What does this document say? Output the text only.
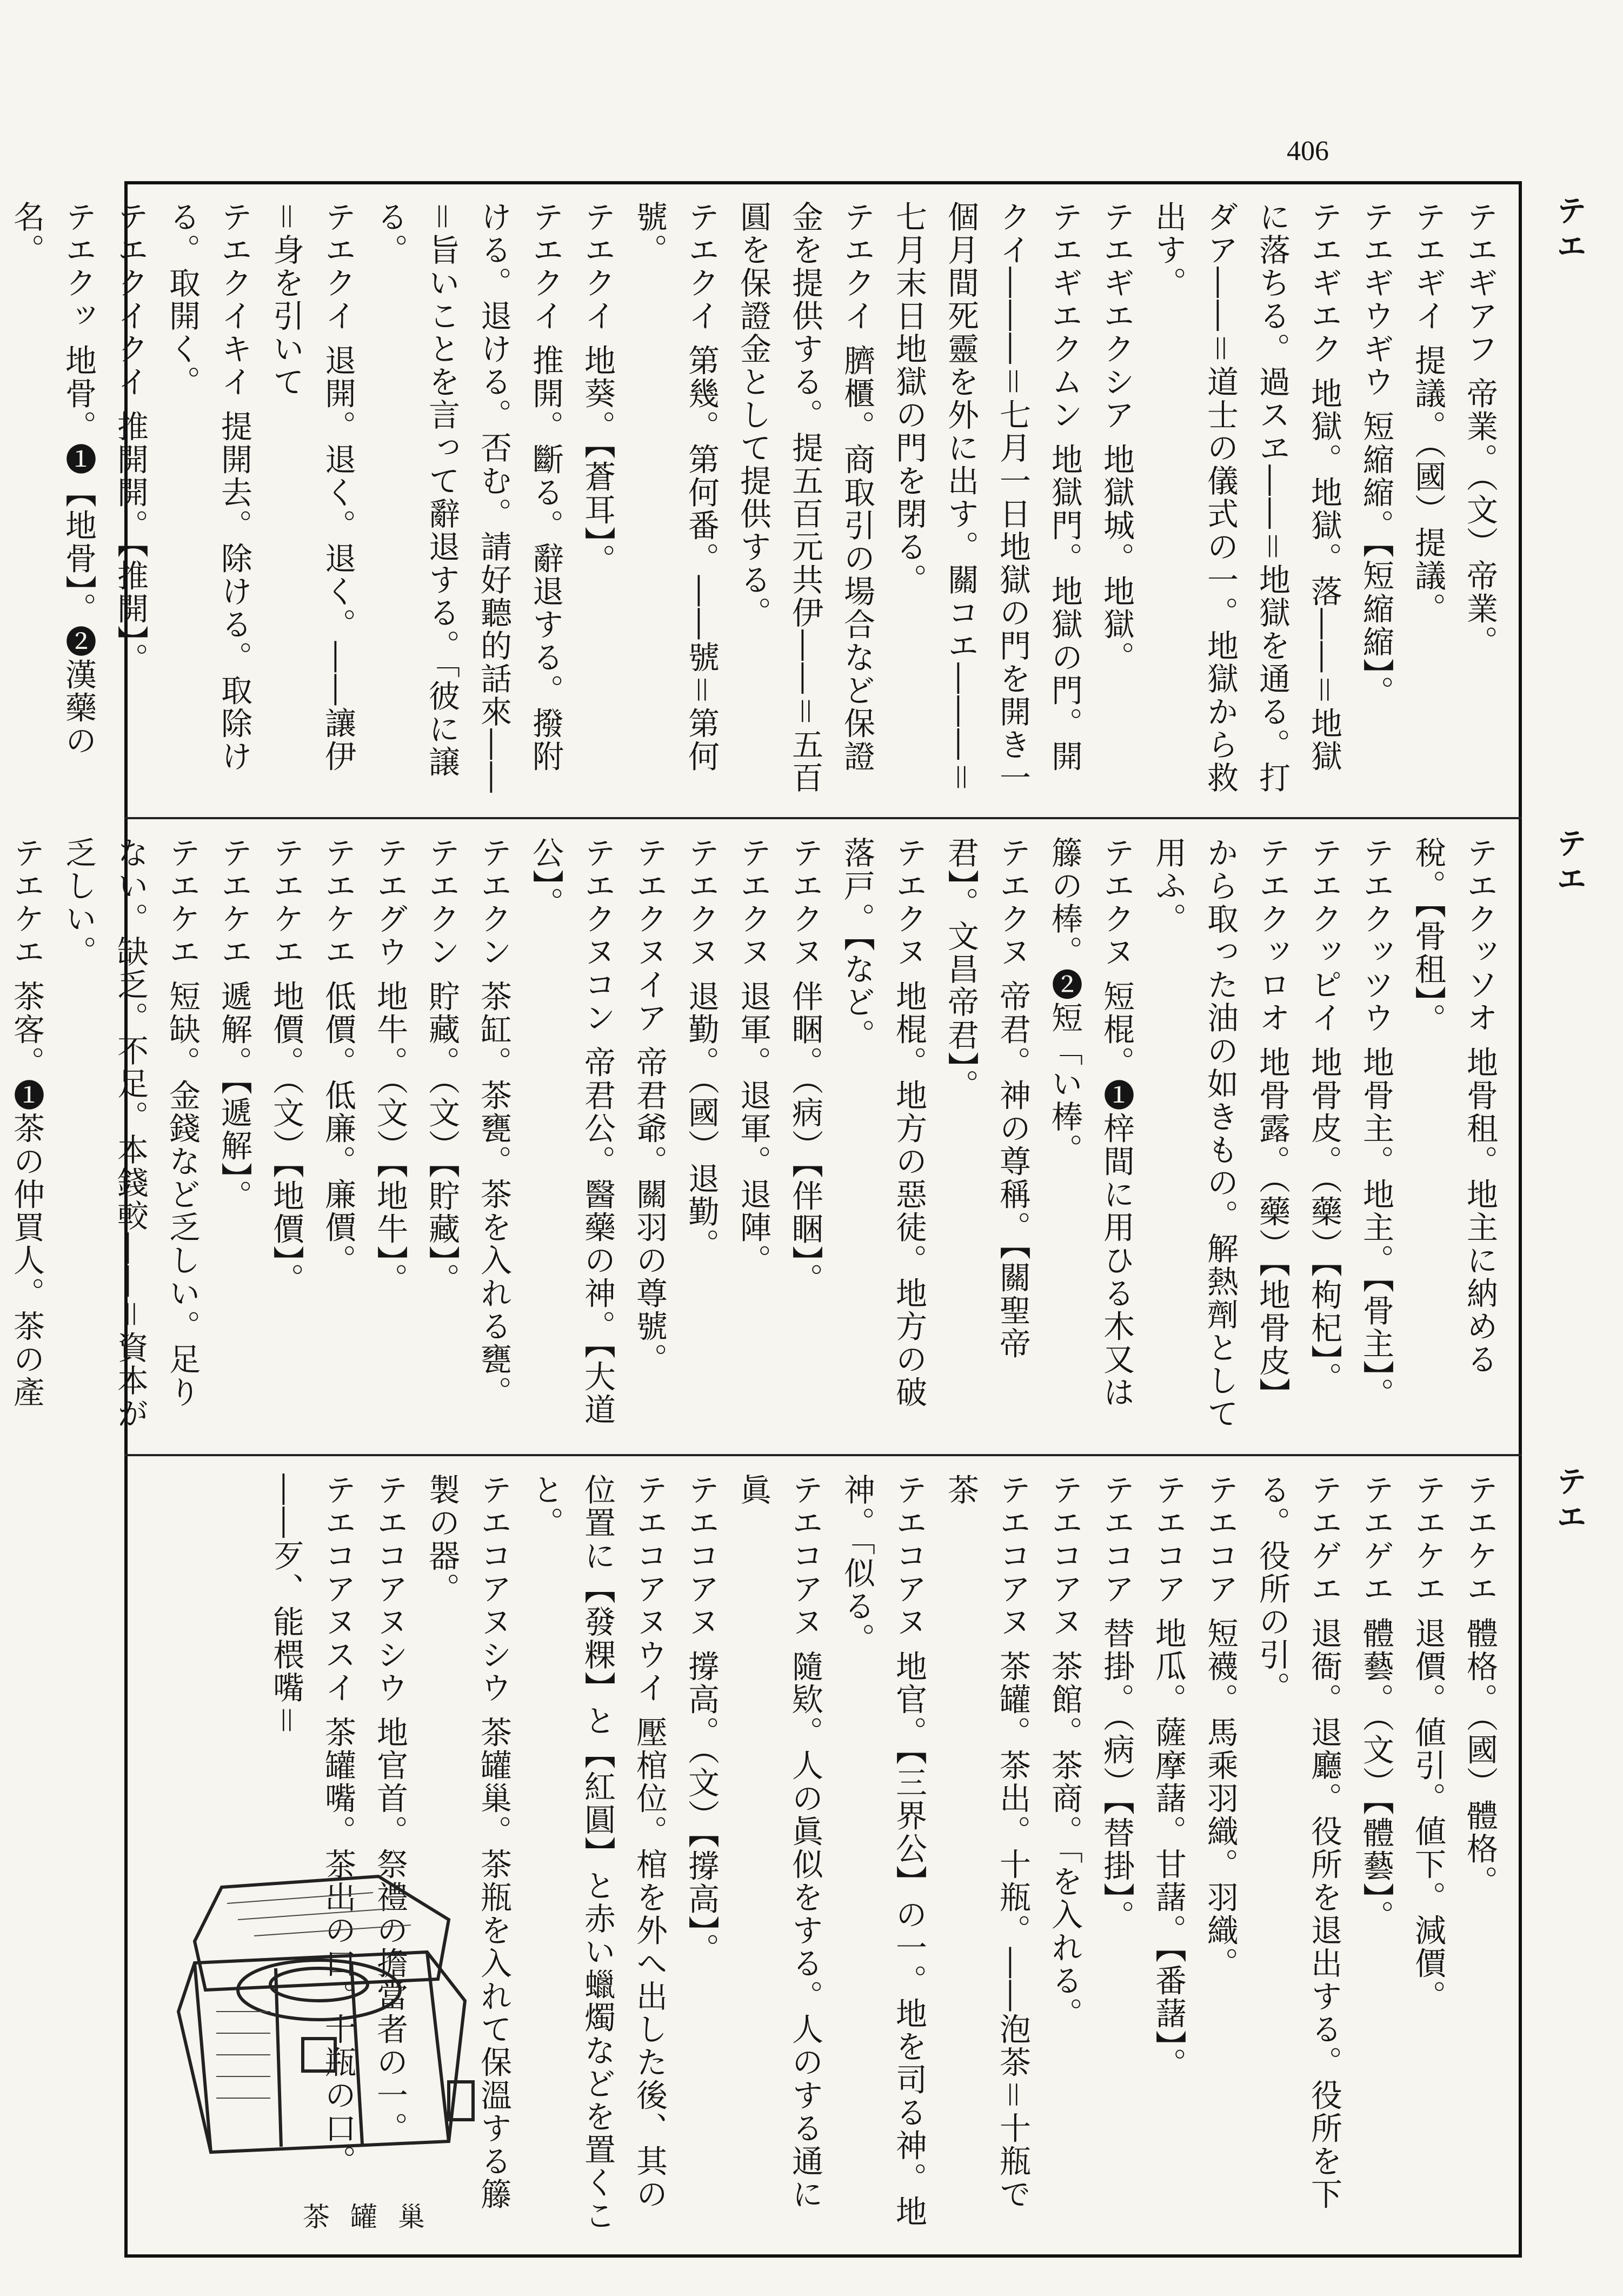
406
テエ
テエ
テエ
テエギアフ 帝業。（文）帝業。
テエギイ 提議。（國）提議。
テエギウギウ 短縮縮。【短縮縮】。
テエギエク 地獄。地獄。落――＝地獄に落ちる。過スヱ――＝地獄を通る。打ダア――＝道士の儀式の一。地獄から救出す。
テエギエクシア 地獄城。地獄。
テエギエクムン 地獄門。地獄の門。開クイ―――＝七月一日地獄の門を開き一個月間死靈を外に出す。關コエ―――＝七月末日地獄の門を閉る。
テエクイ 臍櫃。商取引の場合など保證金を提供する。提五百元共伊――＝五百圓を保證金として提供する。
テエクイ 第幾。第何番。――號＝第何號。
テエクイ 地葵。【蒼耳】。
テエクイ 推開。斷る。辭退する。撥附ける。退ける。否む。請好聽的話來――＝旨いことを言って辭退する。「彼に譲る。
テエクイ 退開。退く。退く。――讓伊＝身を引いて
テエクイキイ 提開去。除ける。取除ける。取開く。
テエクイクイ 推開開。【推開】。
テエクッ 地骨。❶【地骨】。❷漢藥の名。
テエクッソオ 地骨租。地主に納める稅。【骨租】。
テエクッツウ 地骨主。地主。【骨主】。
テエクッピイ 地骨皮。（藥）【枸杞】。
テエクッロオ 地骨露。（藥）【地骨皮】から取った油の如きもの。解熱劑として用ふ。
テエクヌ 短棍。❶梓間に用ひる木又は籐の棒。❷短「い棒。
テエクヌ 帝君。神の尊稱。【關聖帝君】。文昌帝君】。
テエクヌ 地棍。地方の惡徒。地方の破落戸。【など。
テエクヌ 伴睏。（病）【伴睏】。
テエクヌ 退軍。退軍。退陣。
テエクヌ 退勤。（國）退勤。
テエクヌイア 帝君爺。關羽の尊號。
テエクヌコン 帝君公。醫藥の神。【大道公】。
テエクン 茶缸。茶甕。茶を入れる甕。
テエクン 貯藏。（文）【貯藏】。
テエグウ 地牛。（文）【地牛】。
テエケエ 低價。低廉。廉價。
テエケエ 地價。（文）【地價】。
テエケエ 遞解。【遞解】。
テエケエ 短缺。金錢など乏しい。足りない。缺乏。不足。本錢較――＝資本が乏しい。
テエケエ 茶客。❶茶の仲買人。茶の產
テエケエ 體格。（國）體格。
テエケエ 退價。値引。値下。減價。
テエゲエ 體藝。（文）【體藝】。
テエゲエ 退衙。退廳。役所を退出する。役所を下る。役所の引。
テエコア 短襪。馬乘羽織。羽織。
テエコア 地瓜。薩摩藷。甘藷。【番藷】。
テエコア 替掛。（病）【替掛】。
テエコアヌ 茶館。茶商。「を入れる。
テエコアヌ 茶罐。茶出。十瓶。――泡茶＝十瓶で茶
テエコアヌ 地官。【三界公】の一。地を司る神。地神。「似る。
テエコアヌ 隨欵。人の眞似をする。人のする通に眞
テエコアヌ 撐高。（文）【撐高】。
テエコアヌウイ 壓棺位。棺を外へ出した後、其の位置に【發粿】と【紅圓】と赤い蠟燭などを置くこと。
テエコアヌシウ 茶罐巢。茶瓶を入れて保溫する籐製の器。
テエコアヌシウ 地官首。祭禮の擔當者の一。
テエコアヌスイ 茶罐嘴。茶出の口。十瓶の口。――歹、能椳嘴＝
茶罐巢
